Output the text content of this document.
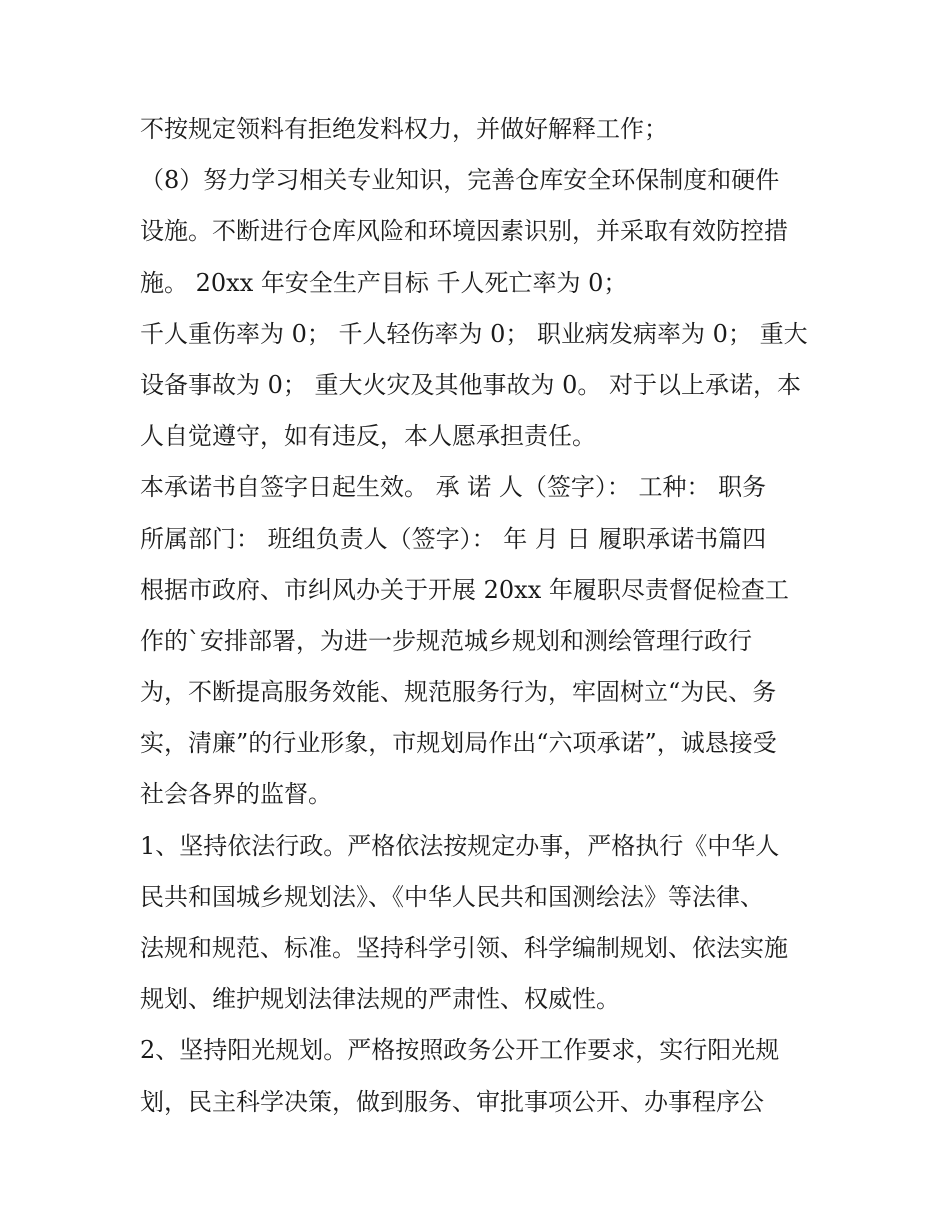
不按规定领料有拒绝发料权力，并做好解释工作；
（8）努力学习相关专业知识，完善仓库安全环保制度和硬件
设施。不断进行仓库风险和环境因素识别，并采取有效防控措
施。 20xx 年安全生产目标 千人死亡率为 0；
千人重伤率为 0； 千人轻伤率为 0； 职业病发病率为 0； 重大
设备事故为 0； 重大火灾及其他事故为 0。 对于以上承诺，本
人自觉遵守，如有违反，本人愿承担责任。
本承诺书自签字日起生效。 承 诺 人（签字）： 工种： 职务
所属部门： 班组负责人（签字）： 年 月 日 履职承诺书篇四
根据市政府、市纠风办关于开展 20xx 年履职尽责督促检查工
作的`安排部署，为进一步规范城乡规划和测绘管理行政行
为，不断提高服务效能、规范服务行为，牢固树立“为民、务
实，清廉”的行业形象，市规划局作出“六项承诺”，诚恳接受
社会各界的监督。
1、坚持依法行政。严格依法按规定办事，严格执行《中华人
民共和国城乡规划法》、《中华人民共和国测绘法》等法律、
法规和规范、标准。坚持科学引领、科学编制规划、依法实施
规划、维护规划法律法规的严肃性、权威性。
2、坚持阳光规划。严格按照政务公开工作要求，实行阳光规
划，民主科学决策，做到服务、审批事项公开、办事程序公
